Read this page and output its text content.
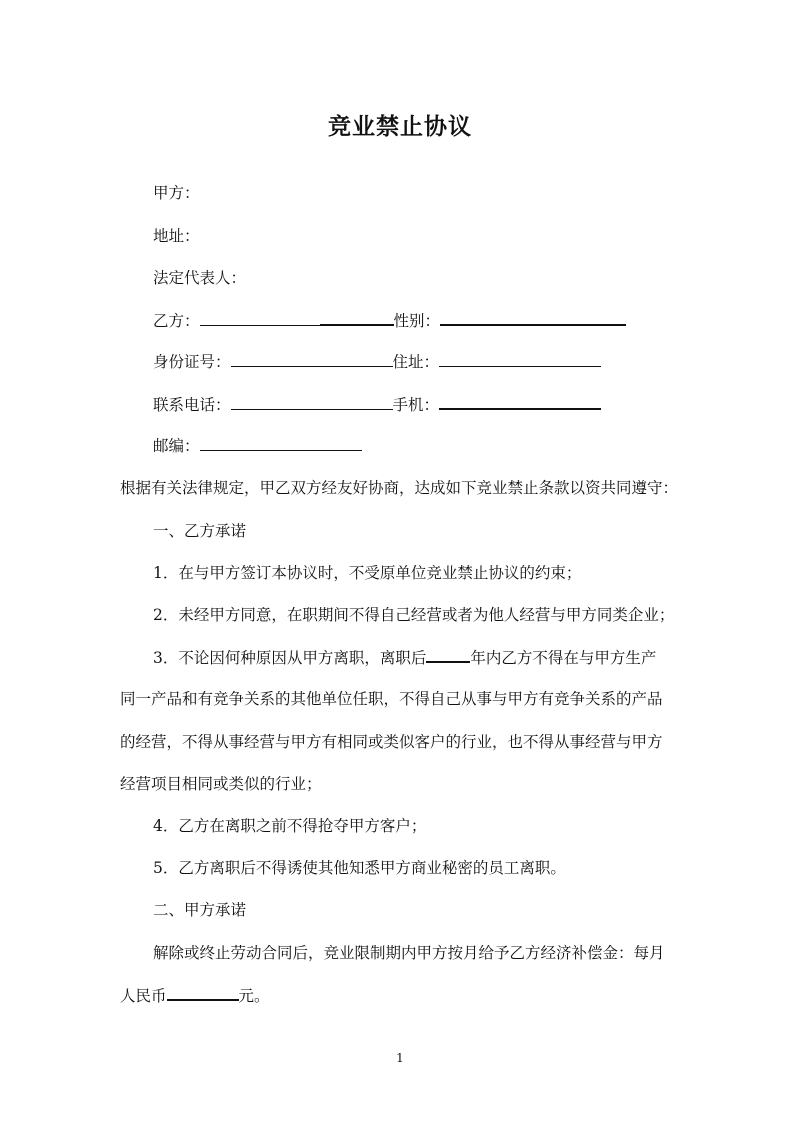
竞业禁止协议
甲方：
地址：
法定代表人：
乙方：	性别：
身份证号：	住址：
联系电话：	手机：
邮编：
根据有关法律规定，甲乙双方经友好协商，达成如下竞业禁止条款以资共同遵守：
一、乙方承诺
1．在与甲方签订本协议时，不受原单位竞业禁止协议的约束；
2．未经甲方同意，在职期间不得自己经营或者为他人经营与甲方同类企业；
3．不论因何种原因从甲方离职，离职后	年内乙方不得在与甲方生产
同一产品和有竞争关系的其他单位任职，不得自己从事与甲方有竞争关系的产品
的经营，不得从事经营与甲方有相同或类似客户的行业，也不得从事经营与甲方
经营项目相同或类似的行业；
4．乙方在离职之前不得抢夺甲方客户；
5．乙方离职后不得诱使其他知悉甲方商业秘密的员工离职。
二、甲方承诺
解除或终止劳动合同后，竞业限制期内甲方按月给予乙方经济补偿金：每月
人民币	元。
1
